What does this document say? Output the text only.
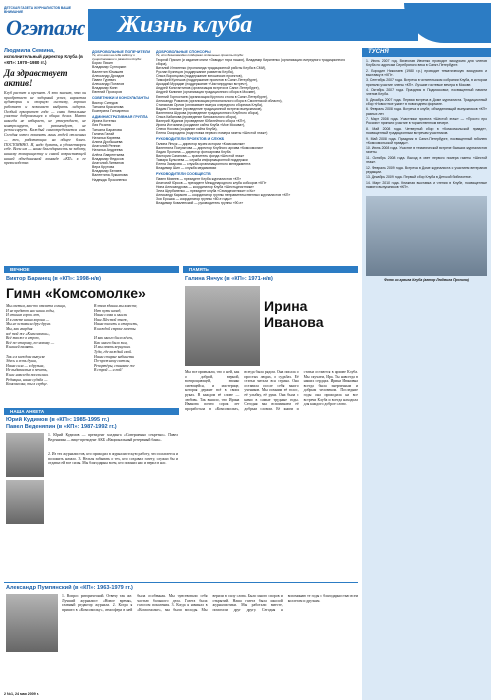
ДЕТСКАЯ ГАЗЕТА ЖУРНАЛИСТОВ ВАШЕ ВНИМАНИЕ
Огэтаж	Жизнь клуба
Людмила Семина,
исполнительный директор Клуба (в «КП»: 1970–1980 гг.)
Да здравствует актив!
Клуб растет и крепнет. А это значит, что он приобретает не задорный успех, нарастая аудитории и опорную систему, хорошо работает и позволяет выбрать лидеров. Особый приоритет года — сами детальные участие добровольцев в общих делах. Никто никогда не избирает, не утверждает, не контролирует, но рекомендует, не режиссирует. Каждый самоопределяется сам. Сегодня хотел показать лишь людей отличных — тех, работающих на общее благо. ПОСТОЯННО. И, надо думать, я удовлетворен себе. Всем им — наши благодарность за заботу, нашему товариществу и самой возрастающей нашей объединенной команде «КП» в ее превосходстве.
ДОБРОВОЛЬНЫЕ ПОПЕЧИТЕЛИ
Те, кто взял на себя заботу о существовании и развитии Клуба:
Борис Пикин
Владимир Сунгоркин
Валентин Юмашев
Александр Дроздов
Павел Гуревич
Александр Потапов
Владимир Кипп
Евгений Прохоров
СОВЕТНИКИ И КОНСУЛЬТАНТЫ
Виктор Сигедов
Татьяна Красилова
Екатерина Гончаренко
АДМИНИСТРАТИВНАЯ ГРУППА
Ирина Котенко
Лия Розина
Татьяна Баранова
Галина Галай
Наталья Киреева
Алина Дробышева
Анатолий Репнин
Наталья Андреева
Алёна Лаврентьева
Владимир Федосов
Анатолий Литвинов
Вера Крутова
Владимир Беляев
Валентина Лукьянова
Надежда Прокопенко
ДОБРОВОЛЬНЫЕ СПОНСОРЫ
Те, кто безвозмездно поддержал отдельные проекты Клуба:
Георгий Пряхин (и издание книги «Заводь» тира наших), Владимир Кириленко (организация очередного традиционного сбора),
Виталий Игнатенко (пропаганда традиционной работы Клуба в СМИ),
Руслан Кузнецов (поддержание развития Клуба),
Ольга Воронцова (поддержание юношеских проектов),
Тимофей Кулешов (поддержание проектов в Санкт-Петербурге),
Аркадий Мурадян (поддержание «Чистопрудных встреч»),
Андрей Константинов (организация встречи в Санкт-Петербурге),
Андрей Калинин (организация традиционного сбора в Москве),
Евгений Горностаев (организация Круглого стола в Санкт-Петербурге),
Александр Романов (организация регионального сбора в Смоленской области),
Станислав Орлов (оплачивает выпуск очередного сборника Клуба),
Вадим Потапкин (проведение традиционной встречи выпускников),
Валентина Шурова (проведение традиционного Клубного сбора),
Ольга Кабанова (проведение Кинозального сбора),
Валерий Жданов (проведение Юбилейного сбора «КП»),
Ирина Истомина (создание сайта Клуба «Мое Москва»),
Олеся Носова (создание сайта Клуба),
Елена Смородина (подготовка первого номера газеты «Шестой этаж»)
РУКОВОДИТЕЛИ ПРОЕКТОВ И СЛУЖБ
Галина Янчук — директор музея истории «Комсомолки»
Валентина Полуэктова — директор Клубного архива «Комсомолки»
Лидия Пронина — директор фотоархива Клуба
Виктория Саганова — хранитель фонда «Шестой этаж»
Тамара Булычева — служба информационной поддержки
Елена Захарова — служба организационного менеджмента
Владимир Шин — служба медиасвязи
РУКОВОДИТЕЛИ СООБЩЕСТВ
Павел Михеев — президент Клуба журналистов «КП»
Анатолий Юрков — президент Международного клуба собкоров «КП»
Нина Александрова — координатор Клуба «Шестьдесятники»
Элла Щербаненко — президент клуба «Семидесятники» и Ко»
Александр Карасев — координатор группы неправительственных журналистов «КП»
Зоя Ерошок — координатор группы «80-е годы»
Владимир Коваленский — руководитель группы «90-е»
ТУСНЯ
1. Июль 2007 год. Вячеслав Ивченко проводит экскурсию для членов Клуба по адресам Серебряного века в Санкт-Петербурге.
2. Бородин Николаев (1980 г.р.) проводит тематическую экскурсию и выставку в «КП».
3. Сентябрь 2007 года. Встреча в читательском собрании Клуба, в котором приняли участие члены «КП». Лучшие гостевые вечера в Москве.
4. Октябрь 2007 года. Праздник в Подмосковье, посвященный памяти членов Клуба.
5. Декабрь 2007 года. Первая встреча в Доме журналиста. Традиционный сбор «Новостное ужин» в новогоднем формате.
6. Февраль 2008 года. Встреча в клубе, объединяющий выпускников «КП» разных лет.
7. Март 2008 года. Участники проекта «Шестой этаж» — «Просто про Россию» приняли участие в торжественном вечере.
8. Май 2008 года. Четвертый сбор в «Комсомольской правде», посвященный традиционным встречам участников.
9. Май 2008 года. Праздник в Санкт-Петербурге, посвященный юбилею «Комсомольской правды».
10. Июнь 2008 года. Участие в тематической встрече бывших журналистов газеты.
11. Октябрь 2008 года. Выход в свет первого номера газеты «Шестой этаж».
12. Февраль 2009 года. Встреча в Доме журналиста с участием ветеранов редакции.
13. Декабрь 2009 года. Первый сбор Клуба в Детской библиотеке.
14. Март 2010 года. Книжная выставка и чтения в Клубе, посвященные памяти выпускников «КП».
Фото из архива Клуба (автор Людмила Пронина)
ВЕЧНОЕ	ПАМЯТЬ
Виктор Баранец (в «КП»: 1998-н/в)
Гимн «Комсомолке»
Мы светим, как-то отсвета солнца,
И не предают нас наши годы,
И стихам сорок лет,
И в газете наша корона —
Мы не оставили друг друга.
Мы, как гвардия
всё той же «Комсомолки»,
Всё также в строю,
Всё по-старому, по-новому —
В нашей памяти.

Так и в каждом выпуске
Здесь и есть душа,
Наша сила — в друзьях,
Не выдаваемых в печать,
В нас навсегда поселилась
Редакция, наша судьба —
Комсомолка, ты в сердце.
В этом здании мы вместе,
Нет пути назад,
Наши слова и мысли
Наш Шестой этаж,
Наша юность и старость,
В каждой строке газеты.

И как много было вёсен,
Как много было зим,
И мы опять вернулись
Туда, где каждый свой.
Наши старые кабинеты
По-прежнему светлы,
Репортёры, станьте же
В строй — и пой!
Галина Янчук (в «КП»: 1971-н/в)
Ирина Иванова
Мы все привыкли, что о ней, как о доброй, верной, всепрощающей, звонко смеющейся, и мастерице, которая держит всё в своих руках. В каждом её слове — любовь. Так вышло, что Ирина Иванова почти сорок лет проработала в «Комсомолке», всегда была рядом. Она писала о простых людях, о судьбах. Её статьи читала вся страна. Она оставила после себя много учеников. Мы помним её голос, её улыбку, её руки. Она была с нами в самые трудные годы. Сегодня мы вспоминаем её добрым словом. Её книги и статьи остаются в архиве Клуба. Мы скучаем, Ира. Ты навсегда в наших сердцах. Ирина Ивановна всегда была энергичным и добрым человеком. Последние годы она приходила на все встречи Клуба и всегда находила для каждого доброе слово.
НАША АНКЕТА
Юрий Кудимов (в «КП»: 1985-1995 гг.)
Павел Веденяпин (в «КП»: 1987-1992 гг.)
1. Юрий Кудимов — президент холдинга «Совершенно секретно». Павел Веденяпин — вице-президент АКБ «Национальный резервный банк».
2. Из тех журналистов, кто приходил в журналистскую работу, что полагается и положить начало. 3. Нельзя забывать о тех, кто создавал газету, служил бы и отдавал ей все силы. Мы благодарны всем, кто помнил нас и верил в нас.
Александр Пумпянский (в «КП»: 1963-1979 гг.)
1. Вопрос риторический. Отвечу так же. Лучший журналист «Новое время», главный редактор журнала. 2. Когда я пришел в «Комсомолку», атмосфера в ней была особенная. Мы чувствовали себя частью большого дела. Газета была голосом поколения. 3. Когда я начинал в «Комсомолке», мы были молоды. Мы верили в силу слова. Было много споров и открытий. Наша газета была школой журналистики. Мы работали вместе, помогали друг другу. Сегодня я вспоминаю те годы с благодарностью всем коллегам и друзьям.
2 №1, 24 мая 2009 г.
